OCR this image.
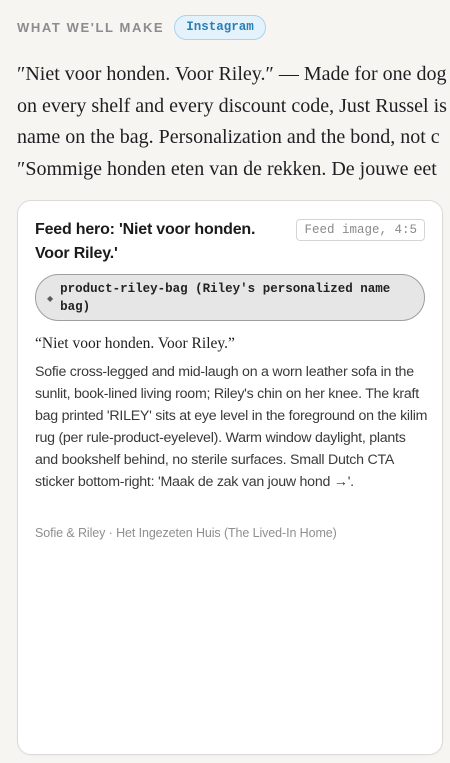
WHAT WE'LL MAKE	Instagram
″Niet voor honden. Voor Riley.″ — Made for one dog
on every shelf and every discount code, Just Russel is
name on the bag. Personalization and the bond, not c
″Sommige honden eten van de rekken. De jouwe eet
Feed hero: 'Niet voor honden. Voor Riley.'
Feed image, 4:5
◆
product-riley-bag (Riley's personalized name bag)
“Niet voor honden. Voor Riley.”
Sofie cross-legged and mid-laugh on a worn leather sofa in the sunlit, book-lined living room; Riley's chin on her knee. The kraft bag printed 'RILEY' sits at eye level in the foreground on the kilim rug (per rule-product-eyelevel). Warm window daylight, plants and bookshelf behind, no sterile surfaces. Small Dutch CTA sticker bottom-right: 'Maak de zak van jouw hond →'.
Sofie & Riley · Het Ingezeten Huis (The Lived-In Home)
